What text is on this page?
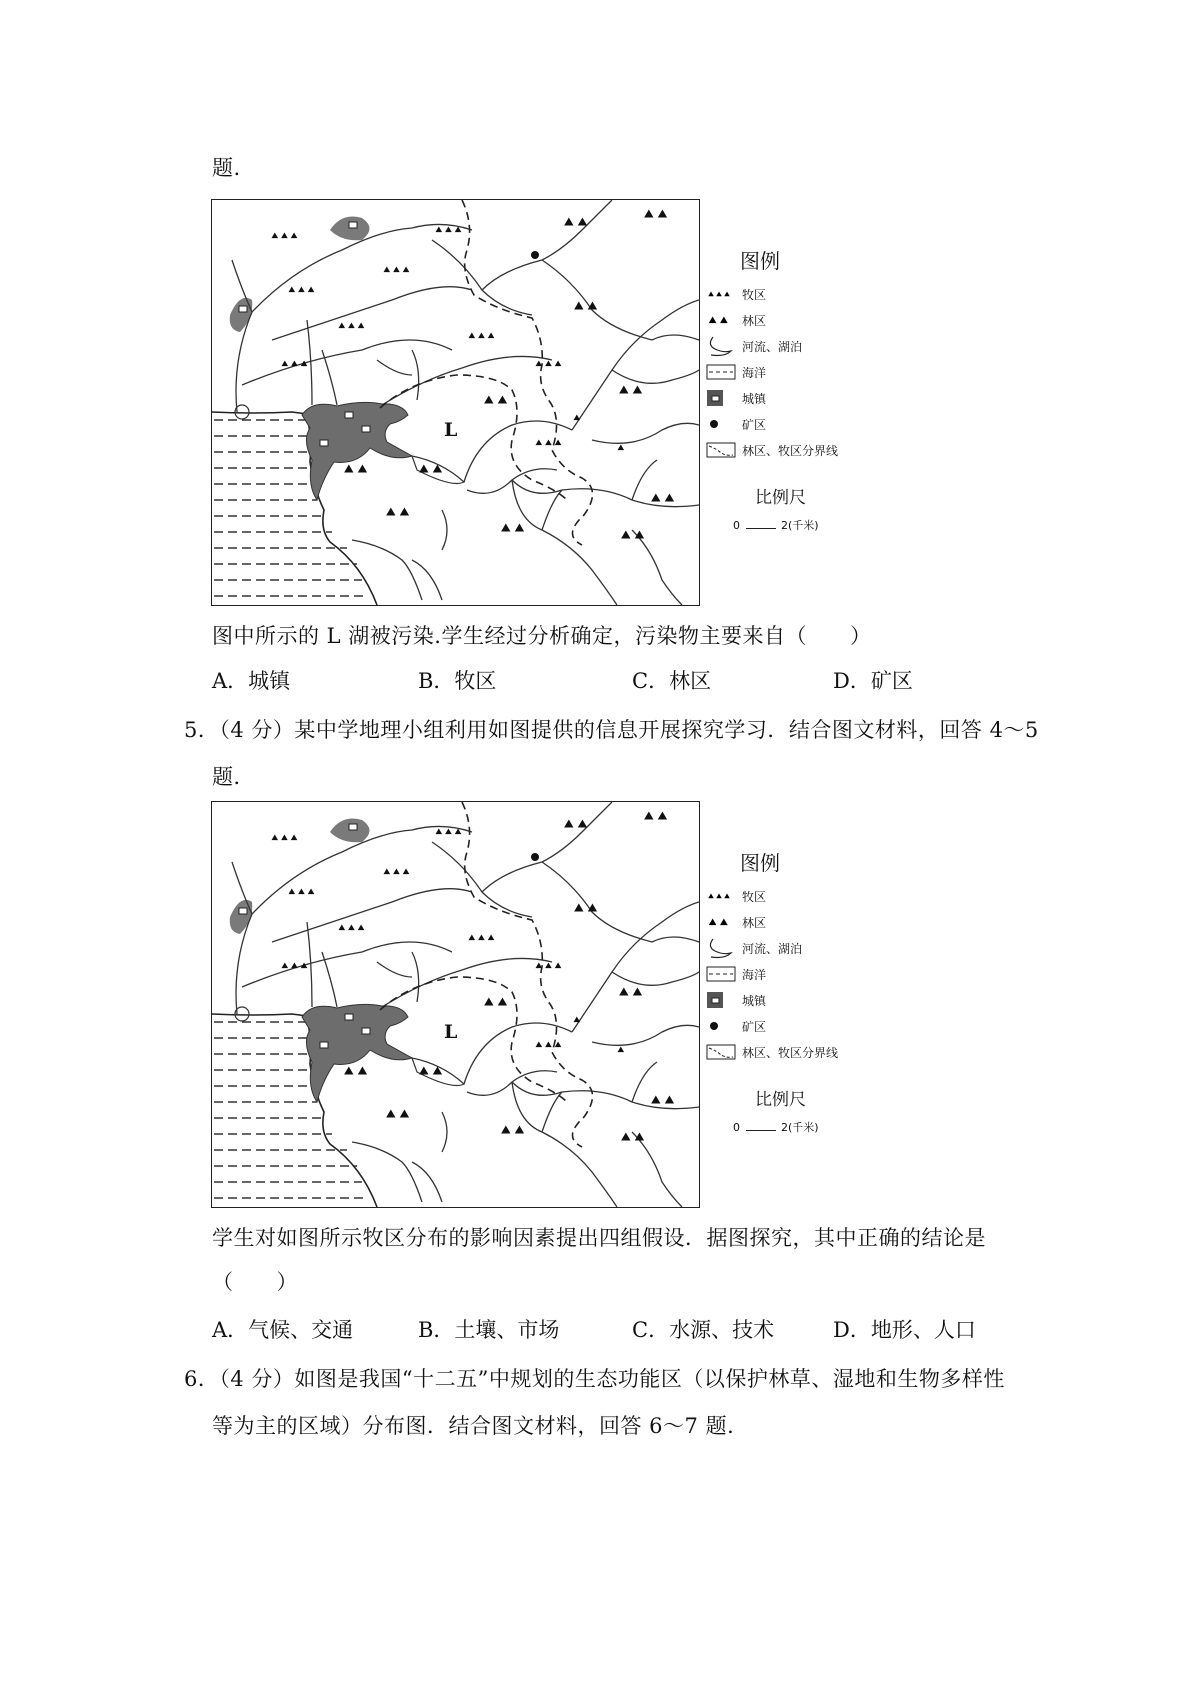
题.
⯅⯅⯅	⯅⯅⯅
⯅⯅⯅
⯅⯅⯅
⯅⯅⯅
⯅⯅⯅
⯅⯅⯅
⯅⯅⯅
⯅⯅⯅
⯅
⯅
⯅⯅
⯅⯅
⯅⯅
⯅⯅
⯅⯅
⯅⯅	⯅⯅
⯅⯅
⯅⯅
⯅⯅	⯅⯅
L
图例
⯅⯅⯅ 牧区
⯅⯅ 林区
河流、湖泊
海洋
城镇
矿区
林区、牧区分界线
比例尺
0	2(千米)
图中所示的 L 湖被污染.学生经过分析确定，污染物主要来自（　　）
A．城镇	B．牧区	C．林区	D．矿区
5．（4 分）某中学地理小组利用如图提供的信息开展探究学习．结合图文材料，回答 4～5
题．
⯅⯅⯅	⯅⯅⯅
⯅⯅⯅
⯅⯅⯅
⯅⯅⯅
⯅⯅⯅
⯅⯅⯅
⯅⯅⯅
⯅⯅⯅
⯅
⯅
⯅⯅
⯅⯅
⯅⯅
⯅⯅
⯅⯅
⯅⯅	⯅⯅
⯅⯅
⯅⯅
⯅⯅	⯅⯅
L
图例
⯅⯅⯅ 牧区
⯅⯅ 林区
河流、湖泊
海洋
城镇
矿区
林区、牧区分界线
比例尺
0	2(千米)
学生对如图所示牧区分布的影响因素提出四组假设．据图探究，其中正确的结论是
（　　）
A．气候、交通	B．土壤、市场	C．水源、技术	D．地形、人口
6．（4 分）如图是我国“十二五”中规划的生态功能区（以保护林草、湿地和生物多样性
等为主的区域）分布图．结合图文材料，回答 6～7 题．
